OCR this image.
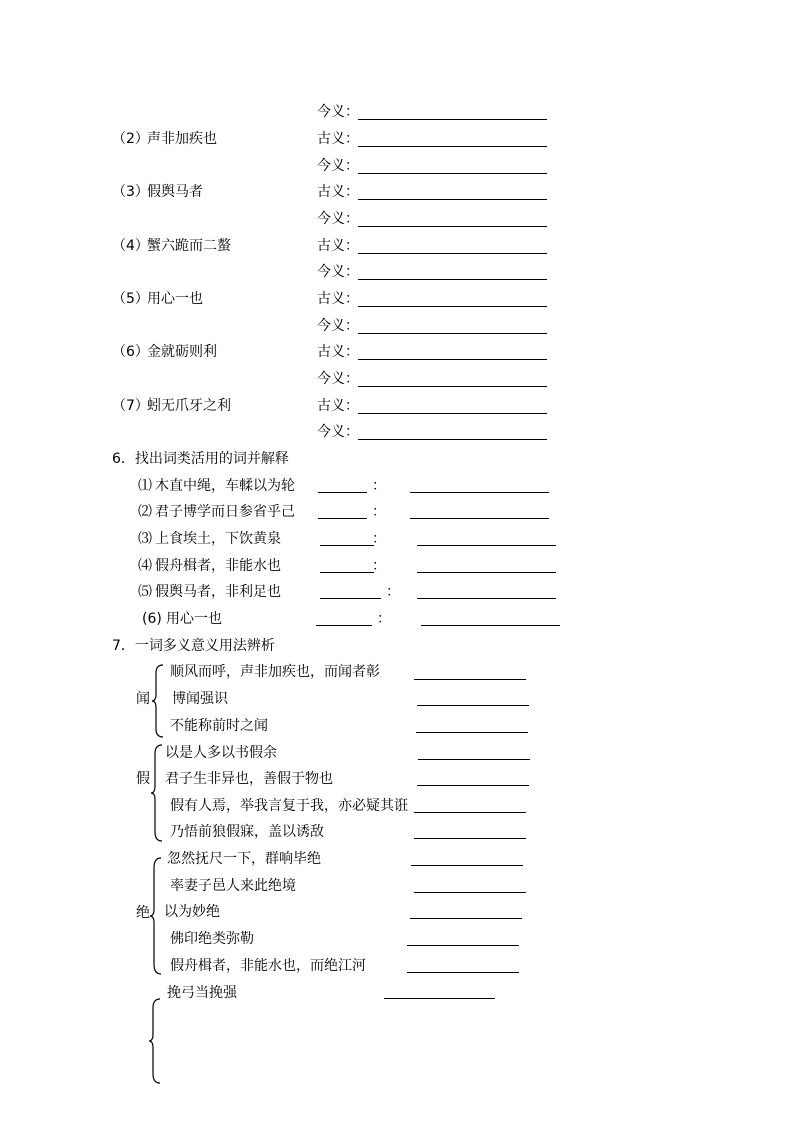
今义：
（2）
声非加疾也	古义：
今义：
（3）
假舆马者	古义：
今义：
（4）
蟹六跪而二螯	古义：
今义：
（5）
用心一也	古义：
今义：
（6）
金就砺则利	古义：
今义：
（7）
蚓无爪牙之利	古义：
今义：
6．找出词类活用的词并解释
⑴ 木直中绳，车輮以为轮	：
⑵ 君子博学而日参省乎己	：
⑶ 上食埃土，下饮黄泉	：
⑷ 假舟楫者，非能水也	：
⑸ 假舆马者，非利足也	：
(6) 用心一也	：
7．一词多义意义用法辨析
闻
顺风而呼，声非加疾也，而闻者彰
博闻强识
不能称前时之闻
假
以是人多以书假余
君子生非异也，善假于物也
假有人焉，举我言复于我，亦必疑其诳
乃悟前狼假寐，盖以诱敌
绝
忽然抚尺一下，群响毕绝
率妻子邑人来此绝境
以为妙绝
佛印绝类弥勒
假舟楫者，非能水也，而绝江河
挽弓当挽强
